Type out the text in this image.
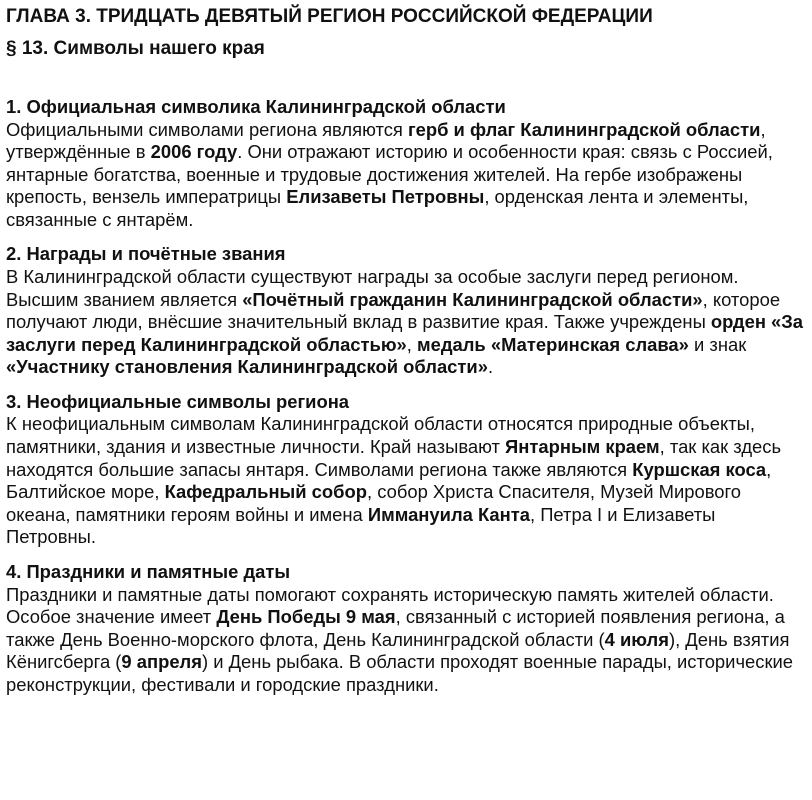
ГЛАВА 3. ТРИДЦАТЬ ДЕВЯТЫЙ РЕГИОН РОССИЙСКОЙ ФЕДЕРАЦИИ
§ 13. Символы нашего края
1. Официальная символика Калининградской области

Официальными символами региона являются герб и флаг Калининградской области, утверждённые в 2006 году. Они отражают историю и особенности края: связь с Россией, янтарные богатства, военные и трудовые достижения жителей. На гербе изображены крепость, вензель императрицы Елизаветы Петровны, орденская лента и элементы, связанные с янтарём.

2. Награды и почётные звания

В Калининградской области существуют награды за особые заслуги перед регионом. Высшим званием является «Почётный гражданин Калининградской области», которое получают люди, внёсшие значительный вклад в развитие края. Также учреждены орден «За заслуги перед Калининградской областью», медаль «Материнская слава» и знак «Участнику становления Калининградской области».

3. Неофициальные символы региона

К неофициальным символам Калининградской области относятся природные объекты, памятники, здания и известные личности. Край называют Янтарным краем, так как здесь находятся большие запасы янтаря. Символами региона также являются Куршская коса, Балтийское море, Кафедральный собор, собор Христа Спасителя, Музей Мирового океана, памятники героям войны и имена Иммануила Канта, Петра I и Елизаветы Петровны.

4. Праздники и памятные даты

Праздники и памятные даты помогают сохранять историческую память жителей области. Особое значение имеет День Победы 9 мая, связанный с историей появления региона, а также День Военно-морского флота, День Калининградской области (4 июля), День взятия Кёнигсберга (9 апреля) и День рыбака. В области проходят военные парады, исторические реконструкции, фестивали и городские праздники.
